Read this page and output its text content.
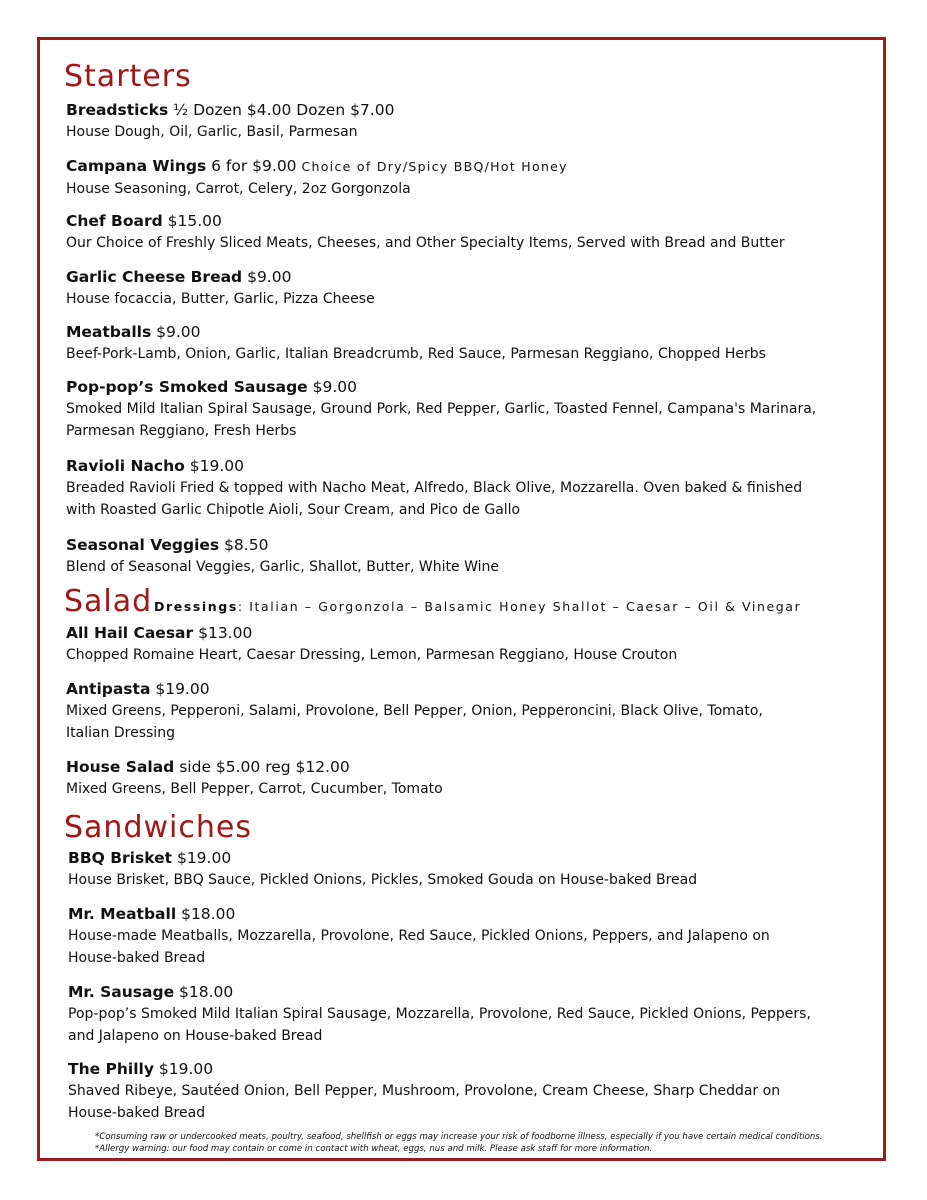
Starters
Breadsticks ½ Dozen $4.00 Dozen $7.00
House Dough, Oil, Garlic, Basil, Parmesan
Campana Wings 6 for $9.00 Choice of Dry/Spicy BBQ/Hot Honey
House Seasoning, Carrot, Celery, 2oz Gorgonzola
Chef Board $15.00
Our Choice of Freshly Sliced Meats, Cheeses, and Other Specialty Items, Served with Bread and Butter
Garlic Cheese Bread $9.00
House focaccia, Butter, Garlic, Pizza Cheese
Meatballs $9.00
Beef-Pork-Lamb, Onion, Garlic, Italian Breadcrumb, Red Sauce, Parmesan Reggiano, Chopped Herbs
Pop-pop’s Smoked Sausage $9.00
Smoked Mild Italian Spiral Sausage, Ground Pork, Red Pepper, Garlic, Toasted Fennel, Campana's Marinara,
Parmesan Reggiano, Fresh Herbs
Ravioli Nacho $19.00
Breaded Ravioli Fried & topped with Nacho Meat, Alfredo, Black Olive, Mozzarella. Oven baked & finished
with Roasted Garlic Chipotle Aioli, Sour Cream, and Pico de Gallo
Seasonal Veggies $8.50
Blend of Seasonal Veggies, Garlic, Shallot, Butter, White Wine
Salad Dressings: Italian – Gorgonzola – Balsamic Honey Shallot – Caesar – Oil & Vinegar
All Hail Caesar $13.00
Chopped Romaine Heart, Caesar Dressing, Lemon, Parmesan Reggiano, House Crouton
Antipasta $19.00
Mixed Greens, Pepperoni, Salami, Provolone, Bell Pepper, Onion, Pepperoncini, Black Olive, Tomato,
Italian Dressing
House Salad side $5.00 reg $12.00
Mixed Greens, Bell Pepper, Carrot, Cucumber, Tomato
Sandwiches
BBQ Brisket $19.00
House Brisket, BBQ Sauce, Pickled Onions, Pickles, Smoked Gouda on House-baked Bread
Mr. Meatball $18.00
House-made Meatballs, Mozzarella, Provolone, Red Sauce, Pickled Onions, Peppers, and Jalapeno on
House-baked Bread
Mr. Sausage $18.00
Pop-pop’s Smoked Mild Italian Spiral Sausage, Mozzarella, Provolone, Red Sauce, Pickled Onions, Peppers,
and Jalapeno on House-baked Bread
The Philly $19.00
Shaved Ribeye, Sautéed Onion, Bell Pepper, Mushroom, Provolone, Cream Cheese, Sharp Cheddar on
House-baked Bread
*Consuming raw or undercooked meats, poultry, seafood, shellfish or eggs may increase your risk of foodborne illness, especially if you have certain medical conditions.
*Allergy warning: our food may contain or come in contact with wheat, eggs, nus and milk. Please ask staff for more information.
